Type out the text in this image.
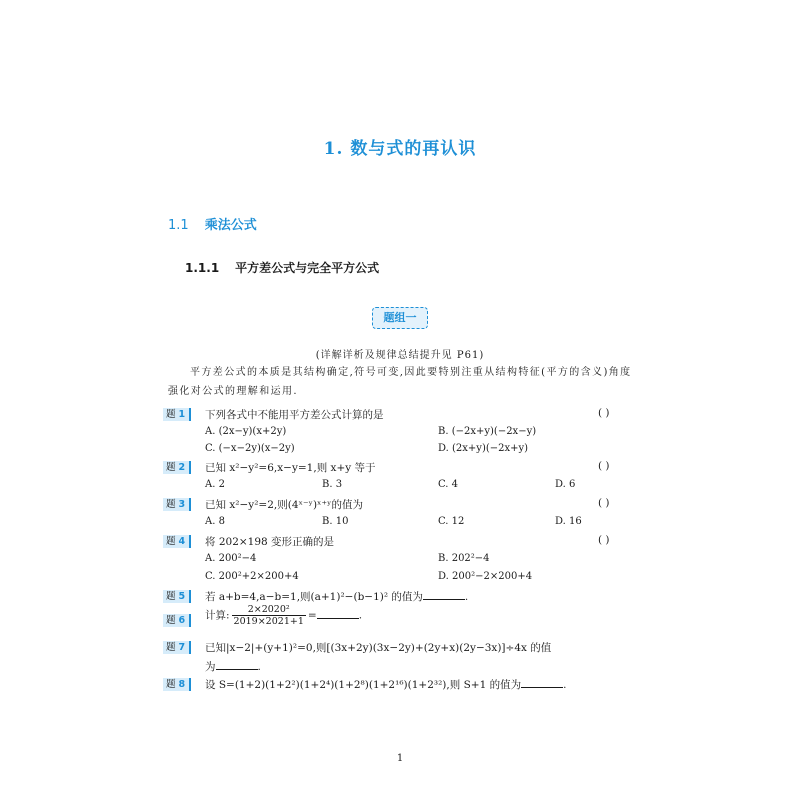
1. 数与式的再认识
1.1 乘法公式
1.1.1 平方差公式与完全平方公式
题组一
(详解详析及规律总结提升见 P61)
平方差公式的本质是其结构确定,符号可变,因此要特别注重从结构特征(平方的含义)角度强化对公式的理解和运用.
题 1	下列各式中不能用平方差公式计算的是	( )
A. (2x−y)(x+2y)	B. (−2x+y)(−2x−y)
C. (−x−2y)(x−2y)	D. (2x+y)(−2x+y)
题 2	已知 x²−y²=6,x−y=1,则 x+y 等于	( )
A. 2	B. 3	C. 4	D. 6
题 3	已知 x²−y²=2,则(4ˣ⁻ʸ)ˣ⁺ʸ的值为	( )
A. 8	B. 10	C. 12	D. 16
题 4	将 202×198 变形正确的是	( )
A. 200²−4	B. 202²−4
C. 200²+2×200+4	D. 200²−2×200+4
题 5	若 a+b=4,a−b=1,则(a+1)²−(b−1)² 的值为	.
题 6	计算: $\frac{\text{2×2020²}}{2019\times 2021+1}$ =	.
题 7	已知|x−2|+(y+1)²=0,则[(3x+2y)(3x−2y)+(2y+x)(2y−3x)]÷4x 的值
为	.
题 8	设 S=(1+2)(1+2²)(1+2⁴)(1+2⁸)(1+2¹⁶)(1+2³²),则 S+1 的值为	.
1
